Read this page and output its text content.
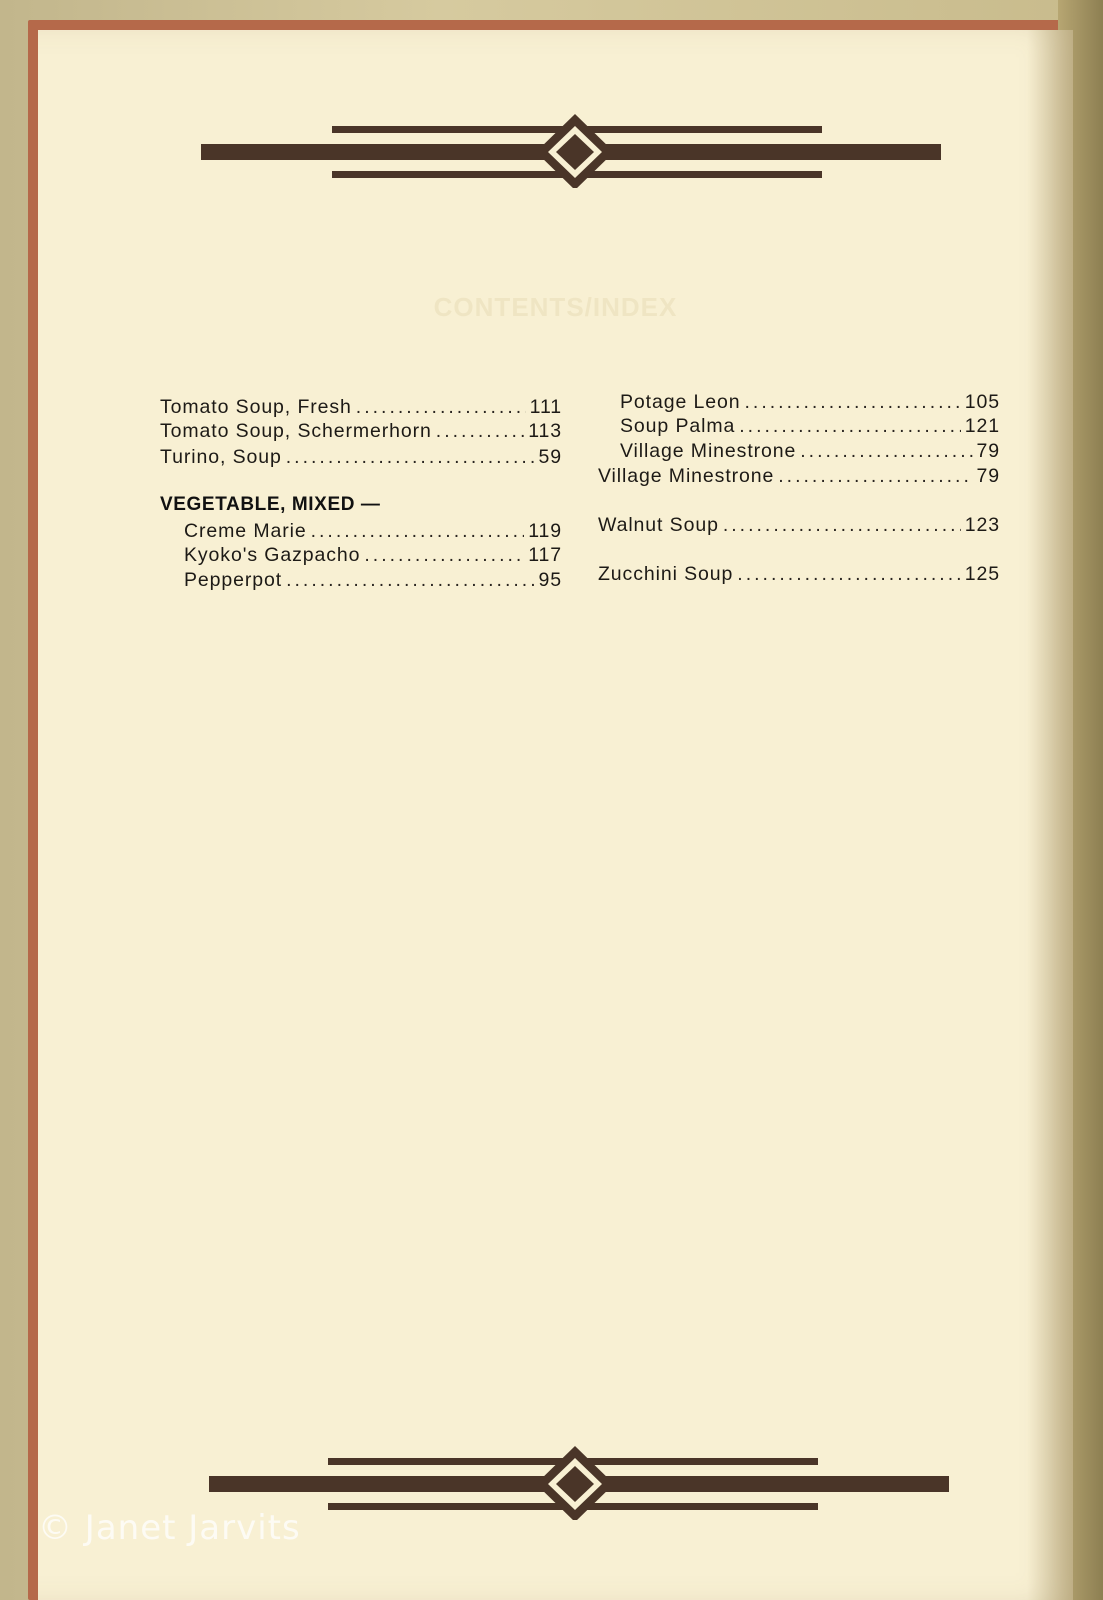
CONTENTS/INDEX
Tomato Soup, Fresh .....	111
Tomato Soup, Schermerhorn .....	113
Turino, Soup .....	59
VEGETABLE, MIXED —
Creme Marie .....	119
Kyoko's Gazpacho .....	117
Pepperpot .....	95
Potage Leon .....	105
Soup Palma .....	121
Village Minestrone .....	79
Village Minestrone .....	79
Walnut Soup .....	123
Zucchini Soup .....	125
© Janet Jarvits
